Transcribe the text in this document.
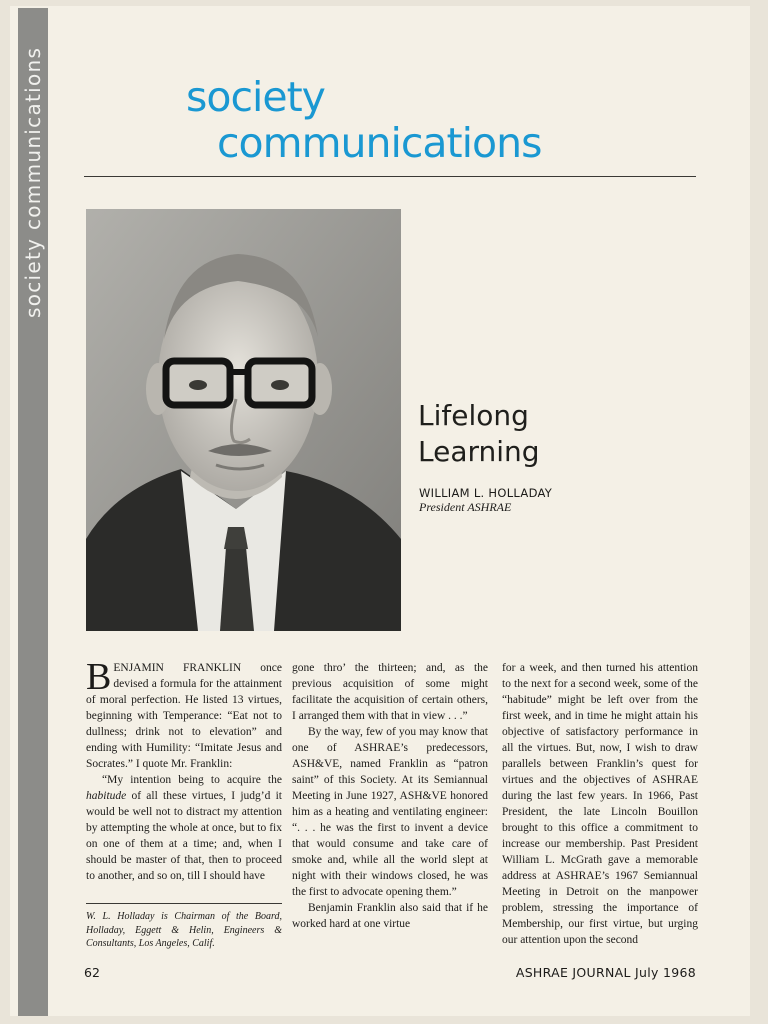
society communications	society
communications
Lifelong
Learning
WILLIAM L. HOLLADAY
President ASHRAE

BENJAMIN FRANKLIN once devised a formula for the attainment of moral perfection. He listed 13 virtues, beginning with Temperance: “Eat not to dullness; drink not to elevation” and ending with Humility: “Imitate Jesus and Socrates.” I quote Mr. Franklin:

“My intention being to acquire the habitude of all these virtues, I judg’d it would be well not to distract my attention by attempting the whole at once, but to fix on one of them at a time; and, when I should be master of that, then to proceed to another, and so on, till I should have

W. L. Holladay is Chairman of the Board, Holladay, Eggett & Helin, Engineers & Consultants, Los Angeles, Calif.

gone thro’ the thirteen; and, as the previous acquisition of some might facilitate the acquisition of certain others, I arranged them with that in view . . .”

By the way, few of you may know that one of ASHRAE’s predecessors, ASH&VE, named Franklin as “patron saint” of this Society. At its Semiannual Meeting in June 1927, ASH&VE honored him as a heating and ventilating engineer: “. . . he was the first to invent a device that would consume and take care of smoke and, while all the world slept at night with their windows closed, he was the first to advocate opening them.”

Benjamin Franklin also said that if he worked hard at one virtue

for a week, and then turned his attention to the next for a second week, some of the “habitude” might be left over from the first week, and in time he might attain his objective of satisfactory performance in all the virtues. But, now, I wish to draw parallels between Franklin’s quest for virtues and the objectives of ASHRAE during the last few years. In 1966, Past President, the late Lincoln Bouillon brought to this office a commitment to increase our membership. Past President William L. McGrath gave a memorable address at ASHRAE’s 1967 Semiannual Meeting in Detroit on the manpower problem, stressing the importance of Membership, our first virtue, but urging our attention upon the second

62	ASHRAE JOURNAL July 1968
